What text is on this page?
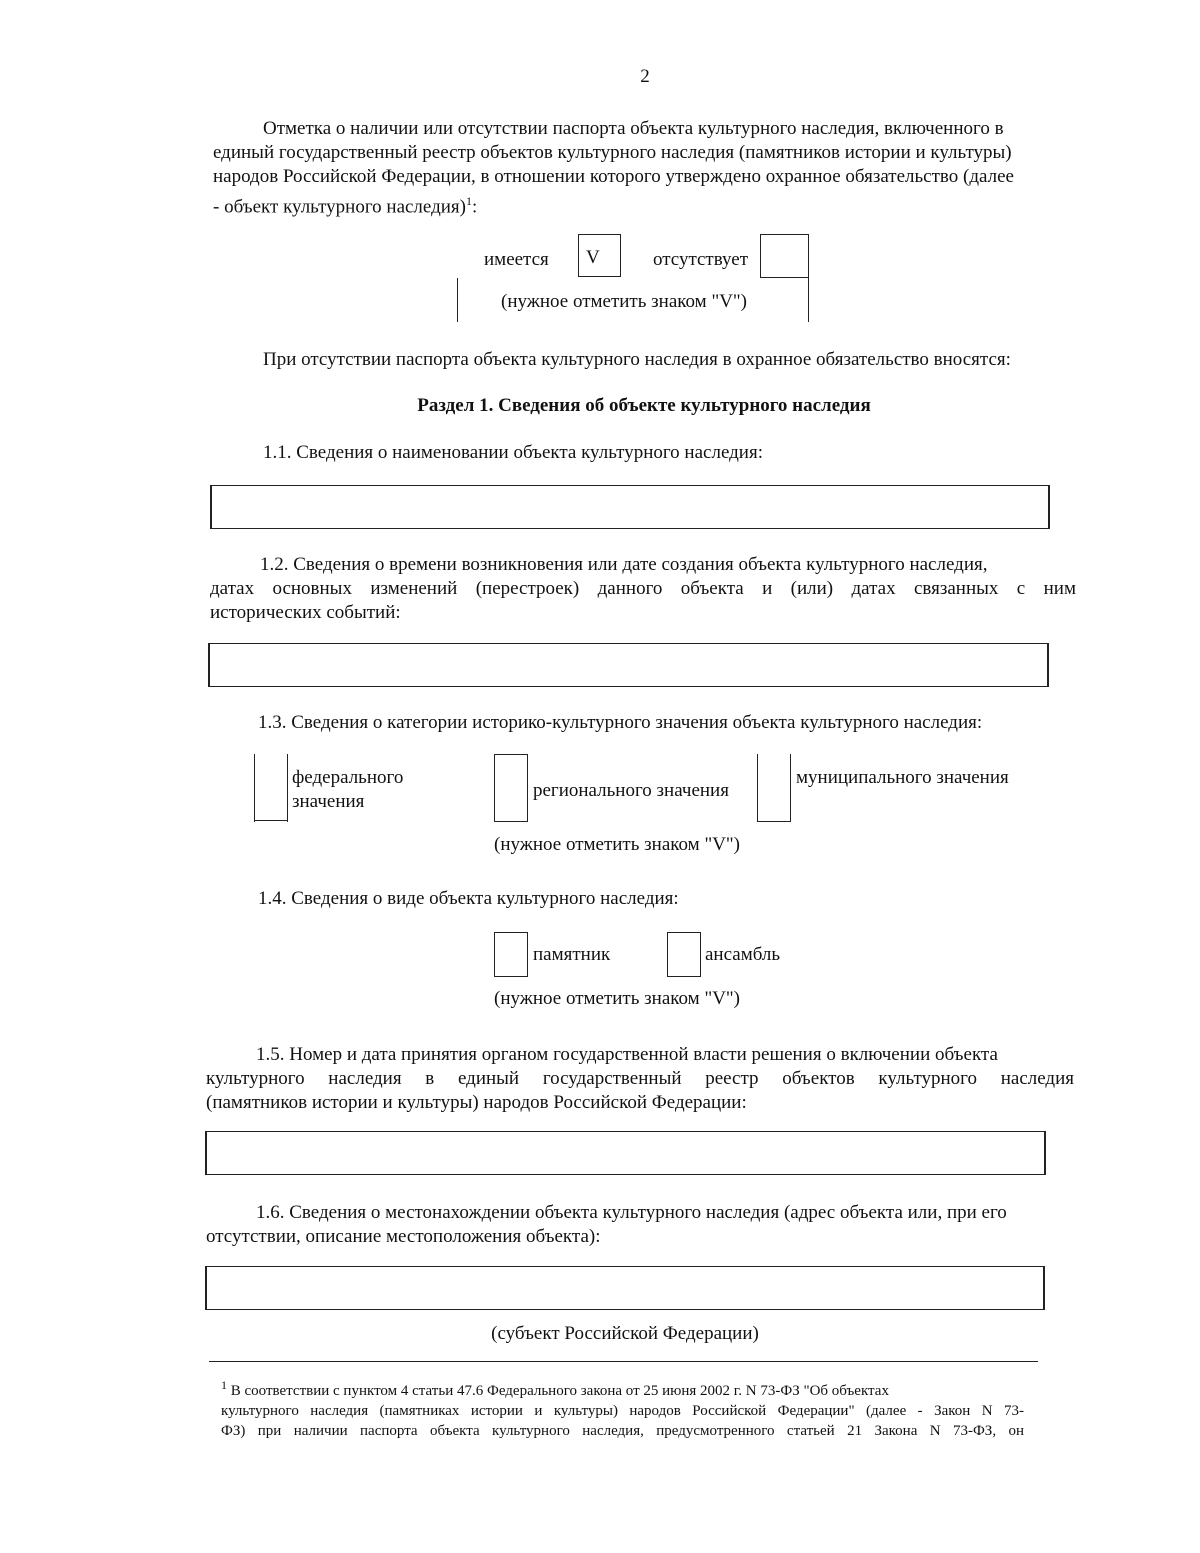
2
Отметка о наличии или отсутствии паспорта объекта культурного наследия, включенного в
единый государственный реестр объектов культурного наследия (памятников истории и культуры)
народов Российской Федерации, в отношении которого утверждено охранное обязательство (далее
- объект культурного наследия)$^1$:
имеется V	отсутствует
(нужное отметить знаком "V")
При отсутствии паспорта объекта культурного наследия в охранное обязательство вносятся:
Раздел 1. Сведения об объекте культурного наследия
1.1. Сведения о наименовании объекта культурного наследия:
1.2. Сведения о времени возникновения или дате создания объекта культурного наследия,
датах основных изменений (перестроек) данного объекта и (или) датах связанных с ним
исторических событий:
1.3. Сведения о категории историко-культурного значения объекта культурного наследия:
федерального
значения
регионального значения
муниципального значения
(нужное отметить знаком "V")
1.4. Сведения о виде объекта культурного наследия:
памятник	ансамбль
(нужное отметить знаком "V")
1.5. Номер и дата принятия органом государственной власти решения о включении объекта
культурного наследия в единый государственный реестр объектов культурного наследия
(памятников истории и культуры) народов Российской Федерации:
1.6. Сведения о местонахождении объекта культурного наследия (адрес объекта или, при его
отсутствии, описание местоположения объекта):
(субъект Российской Федерации)
$^1$ В соответствии с пунктом 4 статьи 47.6 Федерального закона от 25 июня 2002 г. N 73-ФЗ "Об объектах
культурного наследия (памятниках истории и культуры) народов Российской Федерации" (далее - Закон N 73-
ФЗ) при наличии паспорта объекта культурного наследия, предусмотренного статьей 21 Закона N 73-ФЗ, он
